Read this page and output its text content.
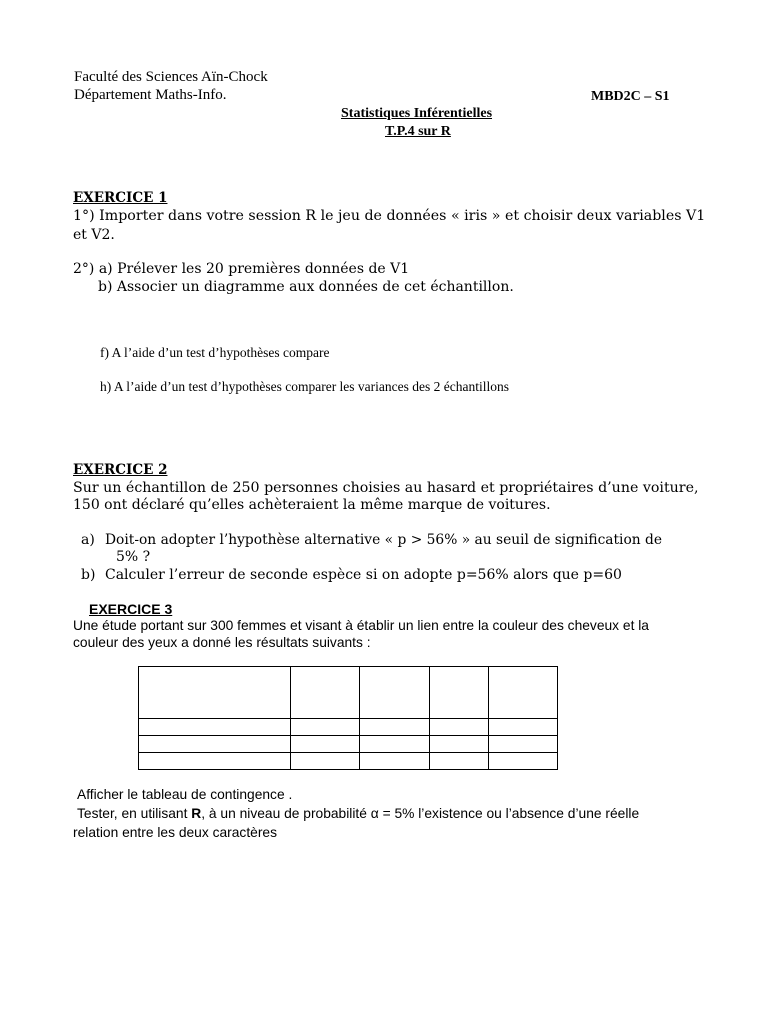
Faculté des Sciences Aïn-Chock
Département Maths-Info.	MBD2C – S1
Statistiques Inférentielles
T.P.4 sur R
EXERCICE 1
1°) Importer dans votre session R le jeu de données « iris » et choisir deux variables V1
et V2.
2°) a) Prélever les 20 premières données de V1
b) Associer un diagramme aux données de cet échantillon.
f) A l’aide d’un test d’hypothèses compare
h) A l’aide d’un test d’hypothèses comparer les variances des 2 échantillons
EXERCICE 2
Sur un échantillon de 250 personnes choisies au hasard et propriétaires d’une voiture,
150 ont déclaré qu’elles achèteraient la même marque de voitures.
a) Doit-on adopter l’hypothèse alternative « p > 56% » au seuil de signification de
5% ?
b) Calculer l’erreur de seconde espèce si on adopte p=56% alors que p=60
EXERCICE 3
Une étude portant sur 300 femmes et visant à établir un lien entre la couleur des cheveux et la
couleur des yeux a donné les résultats suivants :

Afficher le tableau de contingence .
Tester, en utilisant R, à un niveau de probabilité α = 5% l’existence ou l’absence d’une réelle
relation entre les deux caractères
